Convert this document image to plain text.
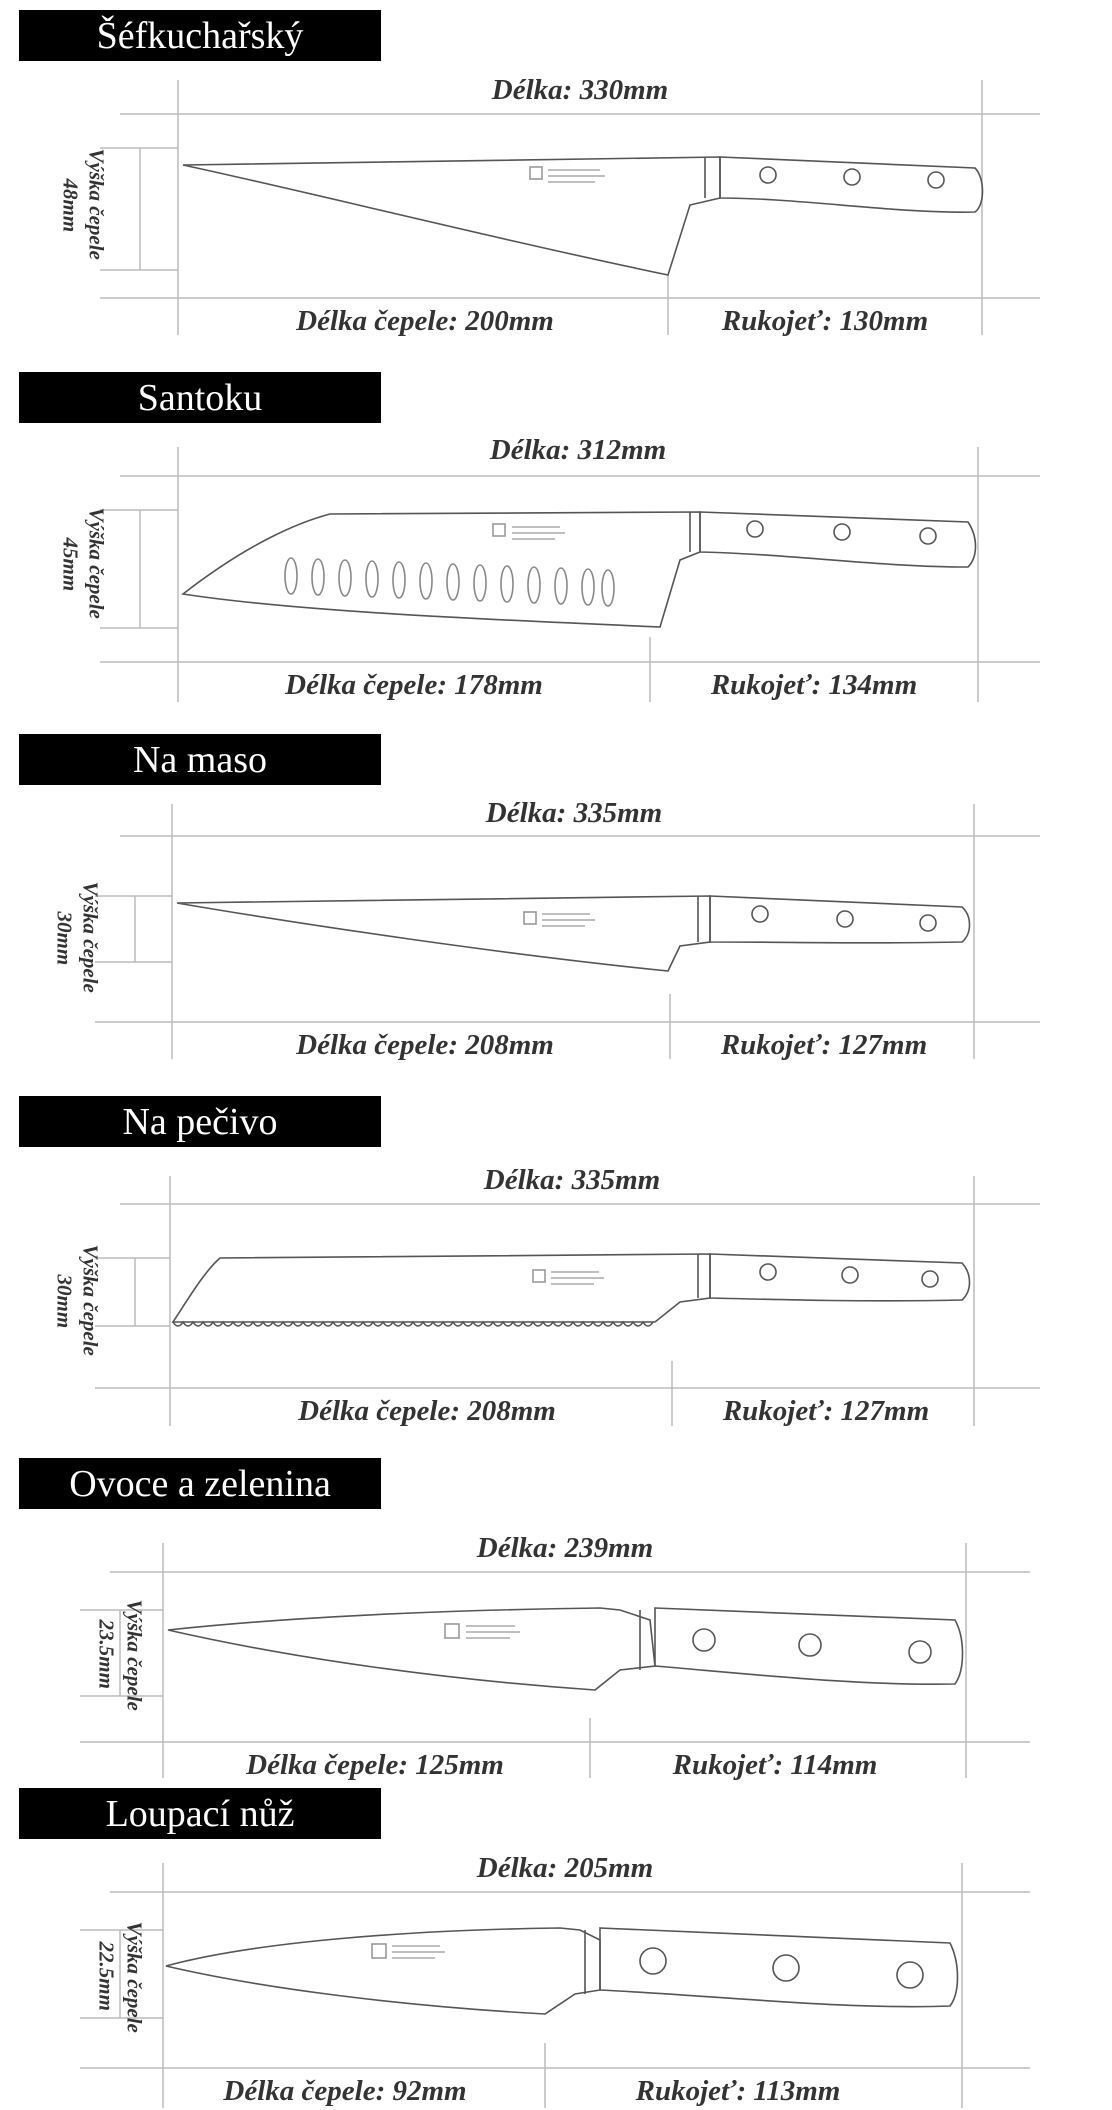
Šéfkuchařský
Délka: 330mm
Délka čepele: 200mm	Rukojeť: 130mm
Výška čepele
48mm
Santoku
Délka: 312mm
Délka čepele: 178mm	Rukojeť: 134mm
Výška čepele
45mm
Na maso
Délka: 335mm
Délka čepele: 208mm	Rukojeť: 127mm
Výška čepele
30mm
Na pečivo
Délka: 335mm
Délka čepele: 208mm	Rukojeť: 127mm
Výška čepele
30mm
Ovoce a zelenina
Délka: 239mm
Délka čepele: 125mm	Rukojeť: 114mm
Výška čepele
23.5mm
Loupací nůž
Délka: 205mm
Délka čepele: 92mm	Rukojeť: 113mm
Výška čepele
22.5mm
